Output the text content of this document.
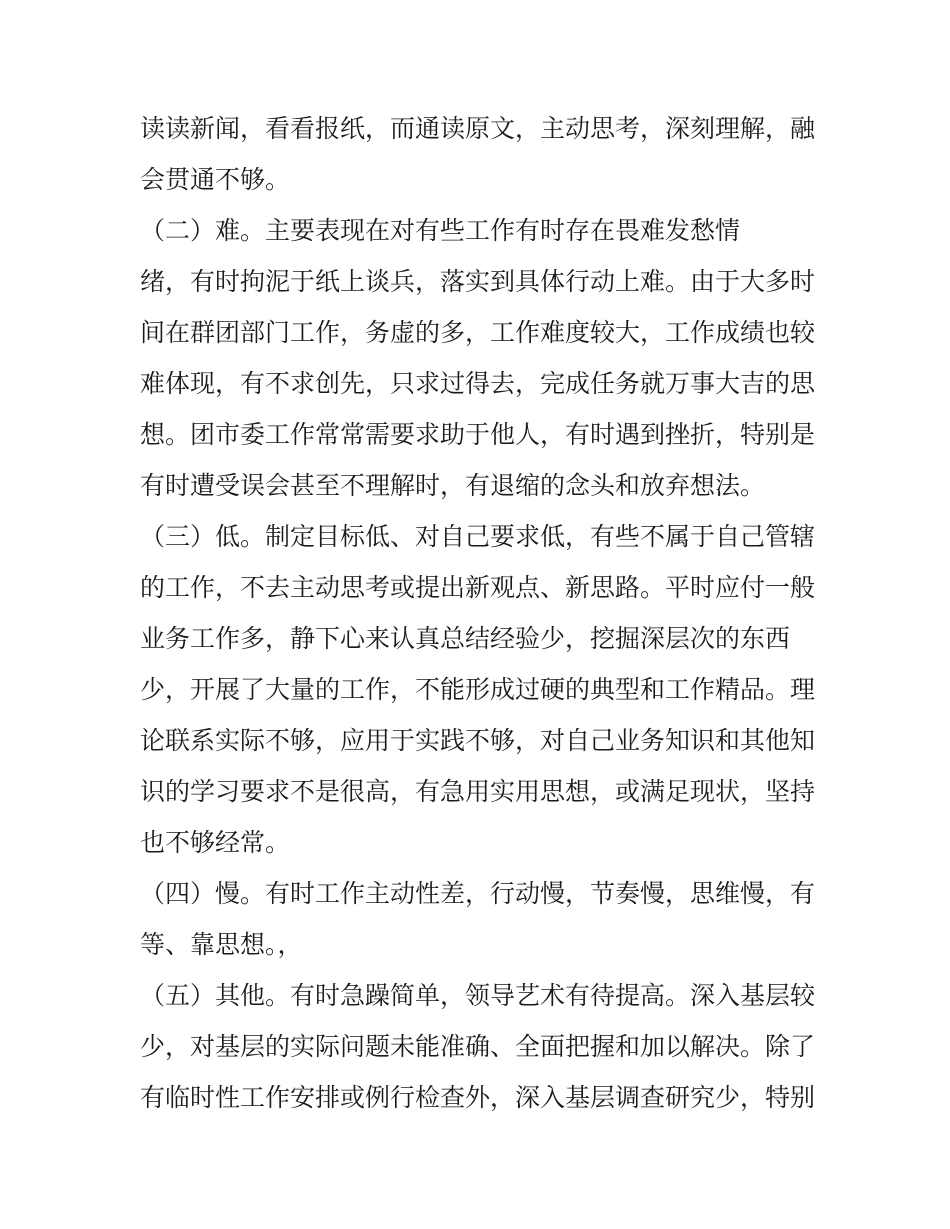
读读新闻，看看报纸，而通读原文，主动思考，深刻理解，融
会贯通不够。
（二）难。主要表现在对有些工作有时存在畏难发愁情
绪，有时拘泥于纸上谈兵，落实到具体行动上难。由于大多时
间在群团部门工作，务虚的多，工作难度较大，工作成绩也较
难体现，有不求创先，只求过得去，完成任务就万事大吉的思
想。团市委工作常常需要求助于他人，有时遇到挫折，特别是
有时遭受误会甚至不理解时，有退缩的念头和放弃想法。
（三）低。制定目标低、对自己要求低，有些不属于自己管辖
的工作，不去主动思考或提出新观点、新思路。平时应付一般
业务工作多，静下心来认真总结经验少，挖掘深层次的东西
少，开展了大量的工作，不能形成过硬的典型和工作精品。理
论联系实际不够，应用于实践不够，对自己业务知识和其他知
识的学习要求不是很高，有急用实用思想，或满足现状，坚持
也不够经常。
（四）慢。有时工作主动性差，行动慢，节奏慢，思维慢，有
等、靠思想。，
（五）其他。有时急躁简单，领导艺术有待提高。深入基层较
少，对基层的实际问题未能准确、全面把握和加以解决。除了
有临时性工作安排或例行检查外，深入基层调查研究少，特别
